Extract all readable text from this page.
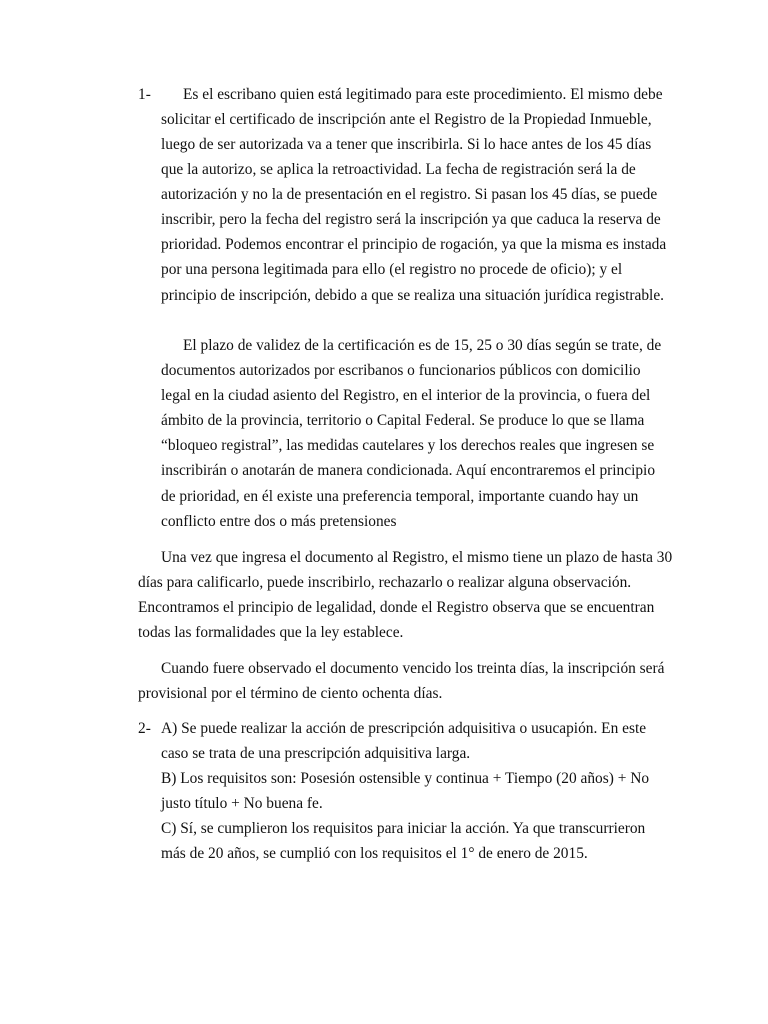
1- Es el escribano quien está legitimado para este procedimiento. El mismo debe
solicitar el certificado de inscripción ante el Registro de la Propiedad Inmueble,
luego de ser autorizada va a tener que inscribirla. Si lo hace antes de los 45 días
que la autorizo, se aplica la retroactividad. La fecha de registración será la de
autorización y no la de presentación en el registro. Si pasan los 45 días, se puede
inscribir, pero la fecha del registro será la inscripción ya que caduca la reserva de
prioridad. Podemos encontrar el principio de rogación, ya que la misma es instada
por una persona legitimada para ello (el registro no procede de oficio); y el
principio de inscripción, debido a que se realiza una situación jurídica registrable.
El plazo de validez de la certificación es de 15, 25 o 30 días según se trate, de
documentos autorizados por escribanos o funcionarios públicos con domicilio
legal en la ciudad asiento del Registro, en el interior de la provincia, o fuera del
ámbito de la provincia, territorio o Capital Federal. Se produce lo que se llama
“bloqueo registral”, las medidas cautelares y los derechos reales que ingresen se
inscribirán o anotarán de manera condicionada. Aquí encontraremos el principio
de prioridad, en él existe una preferencia temporal, importante cuando hay un
conflicto entre dos o más pretensiones
Una vez que ingresa el documento al Registro, el mismo tiene un plazo de hasta 30
días para calificarlo, puede inscribirlo, rechazarlo o realizar alguna observación.
Encontramos el principio de legalidad, donde el Registro observa que se encuentran
todas las formalidades que la ley establece.
Cuando fuere observado el documento vencido los treinta días, la inscripción será
provisional por el término de ciento ochenta días.
2- A) Se puede realizar la acción de prescripción adquisitiva o usucapión. En este
caso se trata de una prescripción adquisitiva larga.
B) Los requisitos son: Posesión ostensible y continua + Tiempo (20 años) + No
justo título + No buena fe.
C) Sí, se cumplieron los requisitos para iniciar la acción. Ya que transcurrieron
más de 20 años, se cumplió con los requisitos el 1° de enero de 2015.
